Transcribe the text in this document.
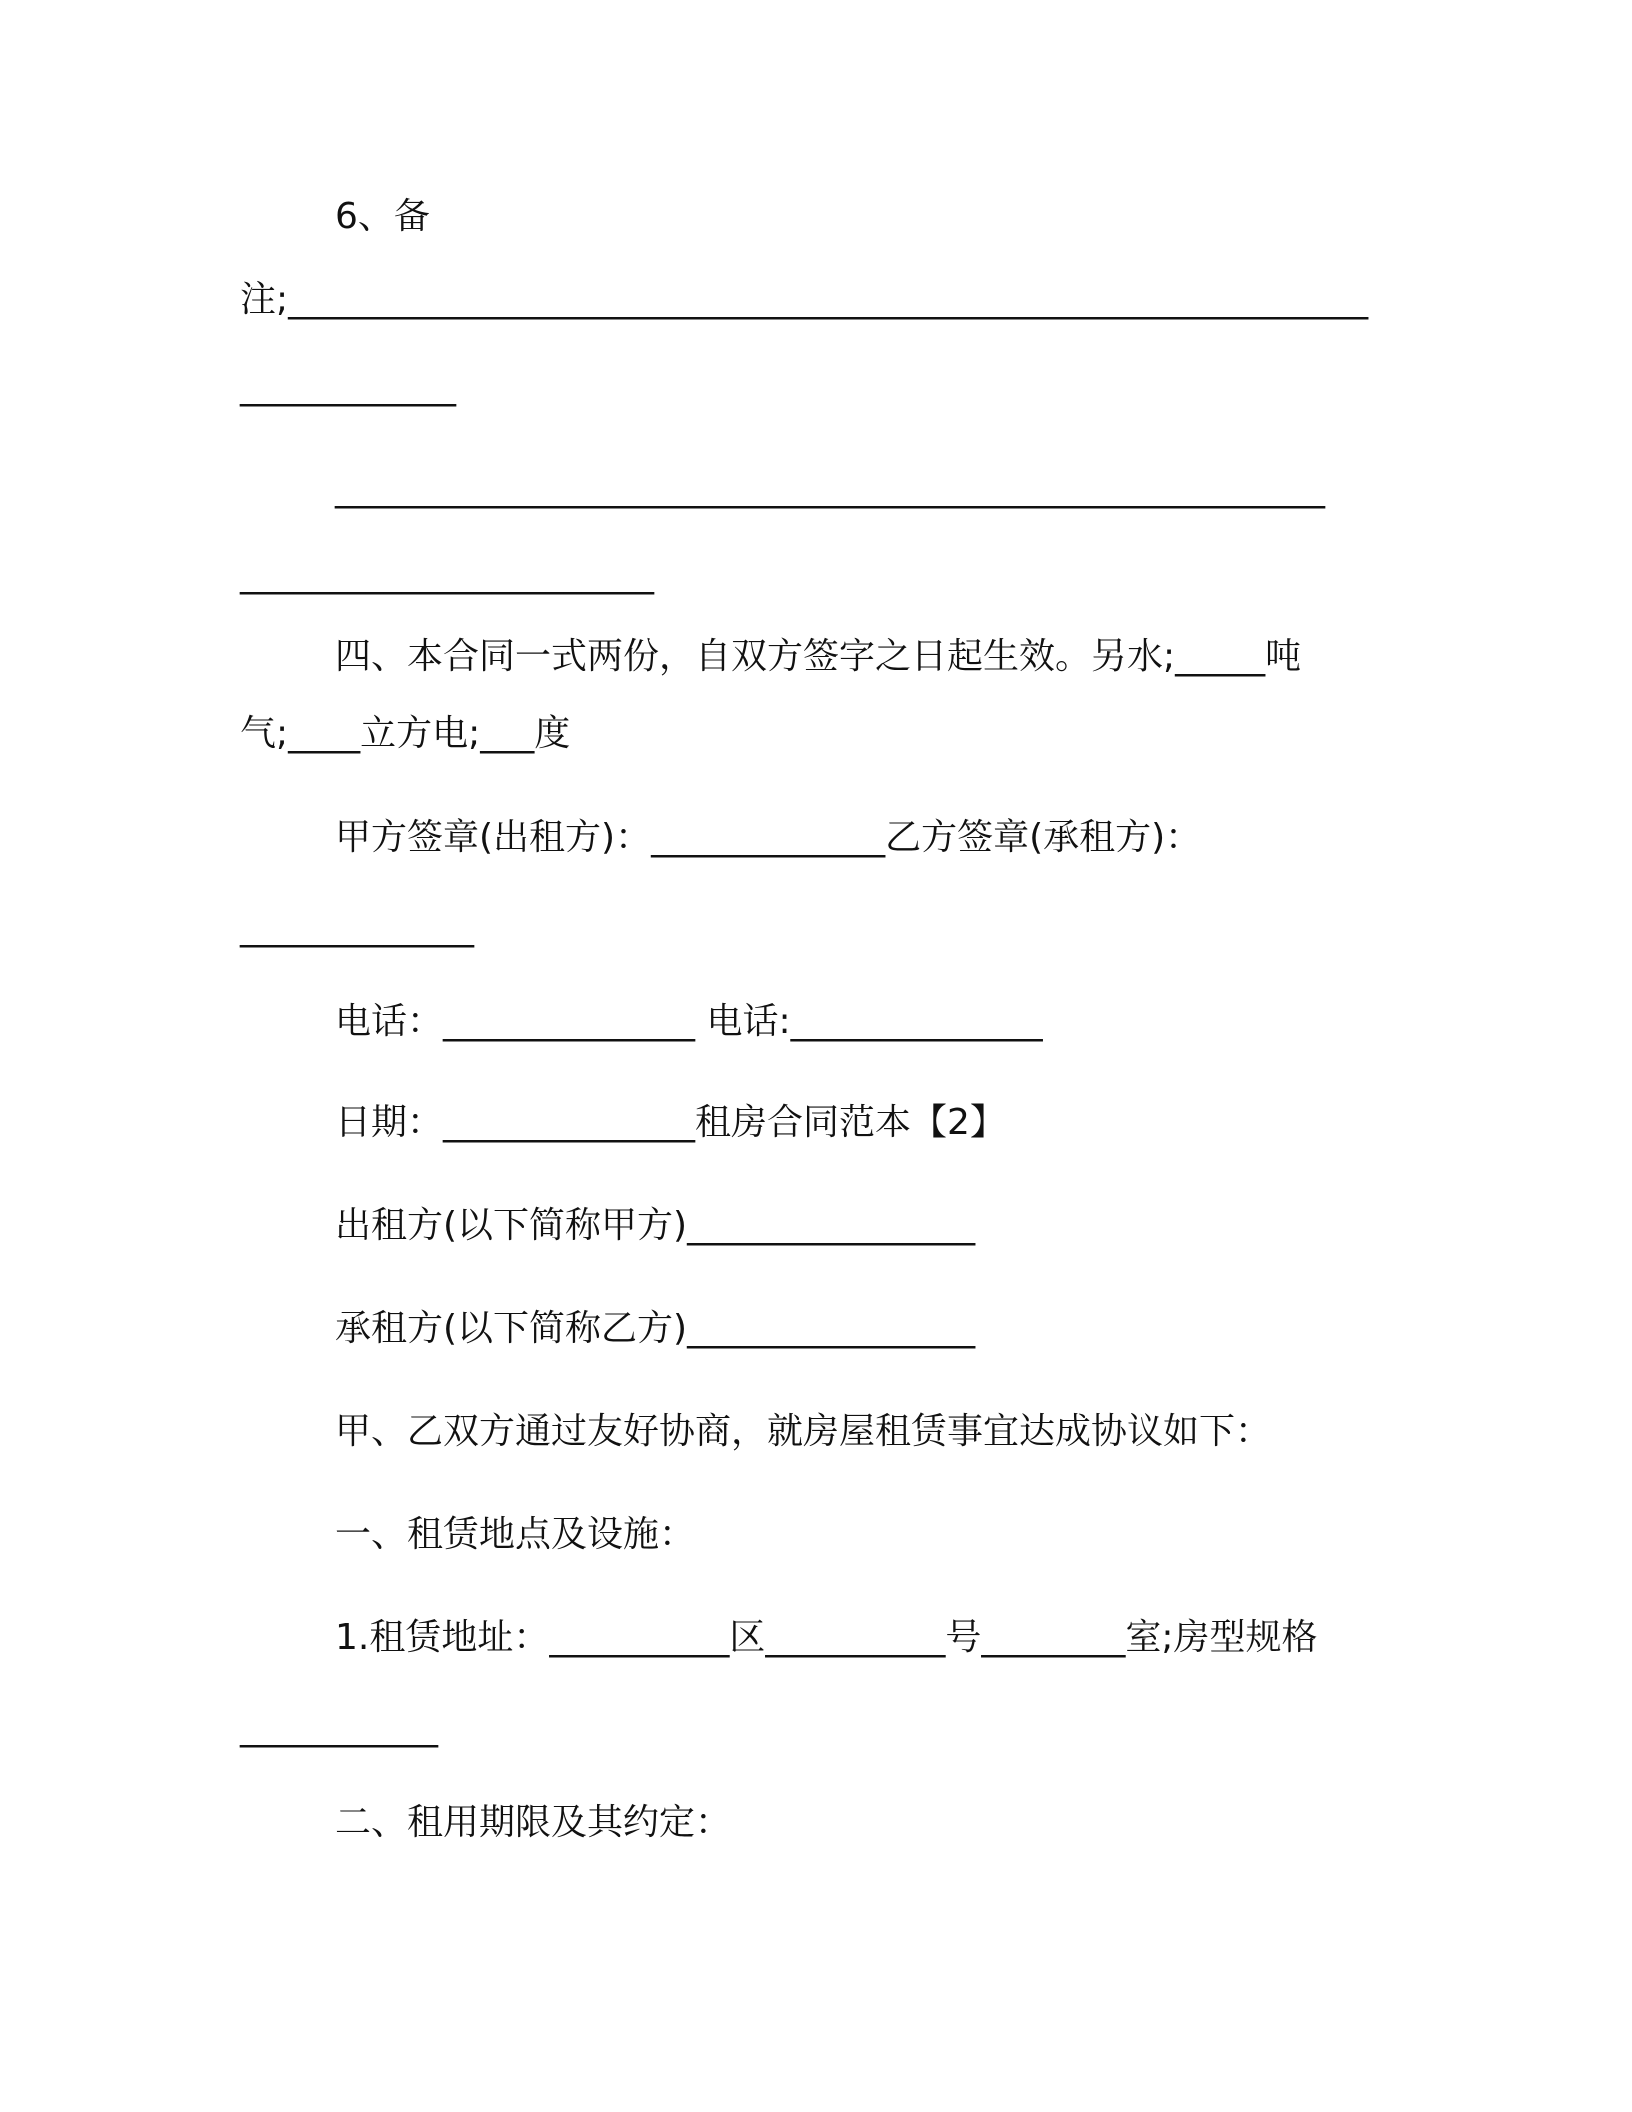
6、备
注;____________________________________________________________
____________
_______________________________________________________
_______________________
四、本合同一式两份，自双方签字之日起生效。另水;_____吨
气;____立方电;___度
甲方签章(出租方)：_____________乙方签章(承租方)：
_____________
电话：______________ 电话:______________
日期：______________租房合同范本【2】
出租方(以下简称甲方)________________
承租方(以下简称乙方)________________
甲、乙双方通过友好协商，就房屋租赁事宜达成协议如下：
一、租赁地点及设施：
1.租赁地址：__________区__________号________室;房型规格
___________
二、租用期限及其约定：
